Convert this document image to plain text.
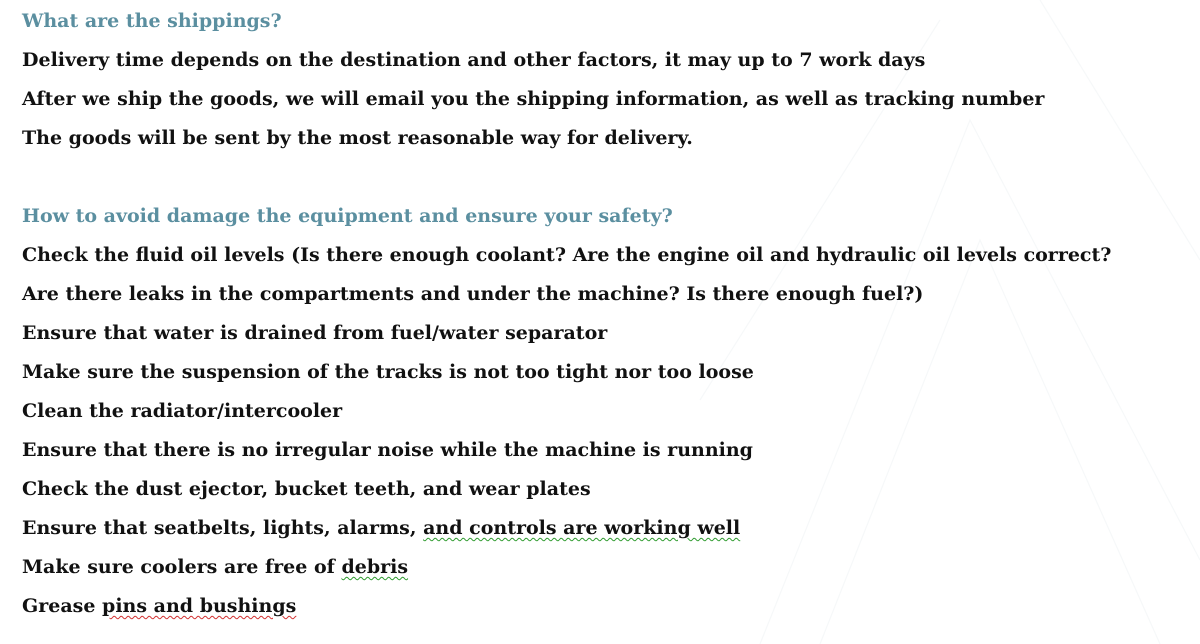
What are the shippings?
Delivery time depends on the destination and other factors, it may up to 7 work days
After we ship the goods, we will email you the shipping information, as well as tracking number
The goods will be sent by the most reasonable way for delivery.
How to avoid damage the equipment and ensure your safety?
Check the fluid oil levels (Is there enough coolant? Are the engine oil and hydraulic oil levels correct?
Are there leaks in the compartments and under the machine? Is there enough fuel?)
Ensure that water is drained from fuel/water separator
Make sure the suspension of the tracks is not too tight nor too loose
Clean the radiator/intercooler
Ensure that there is no irregular noise while the machine is running
Check the dust ejector, bucket teeth, and wear plates
Ensure that seatbelts, lights, alarms, and controls are working well
Make sure coolers are free of debris
Grease pins and bushings
